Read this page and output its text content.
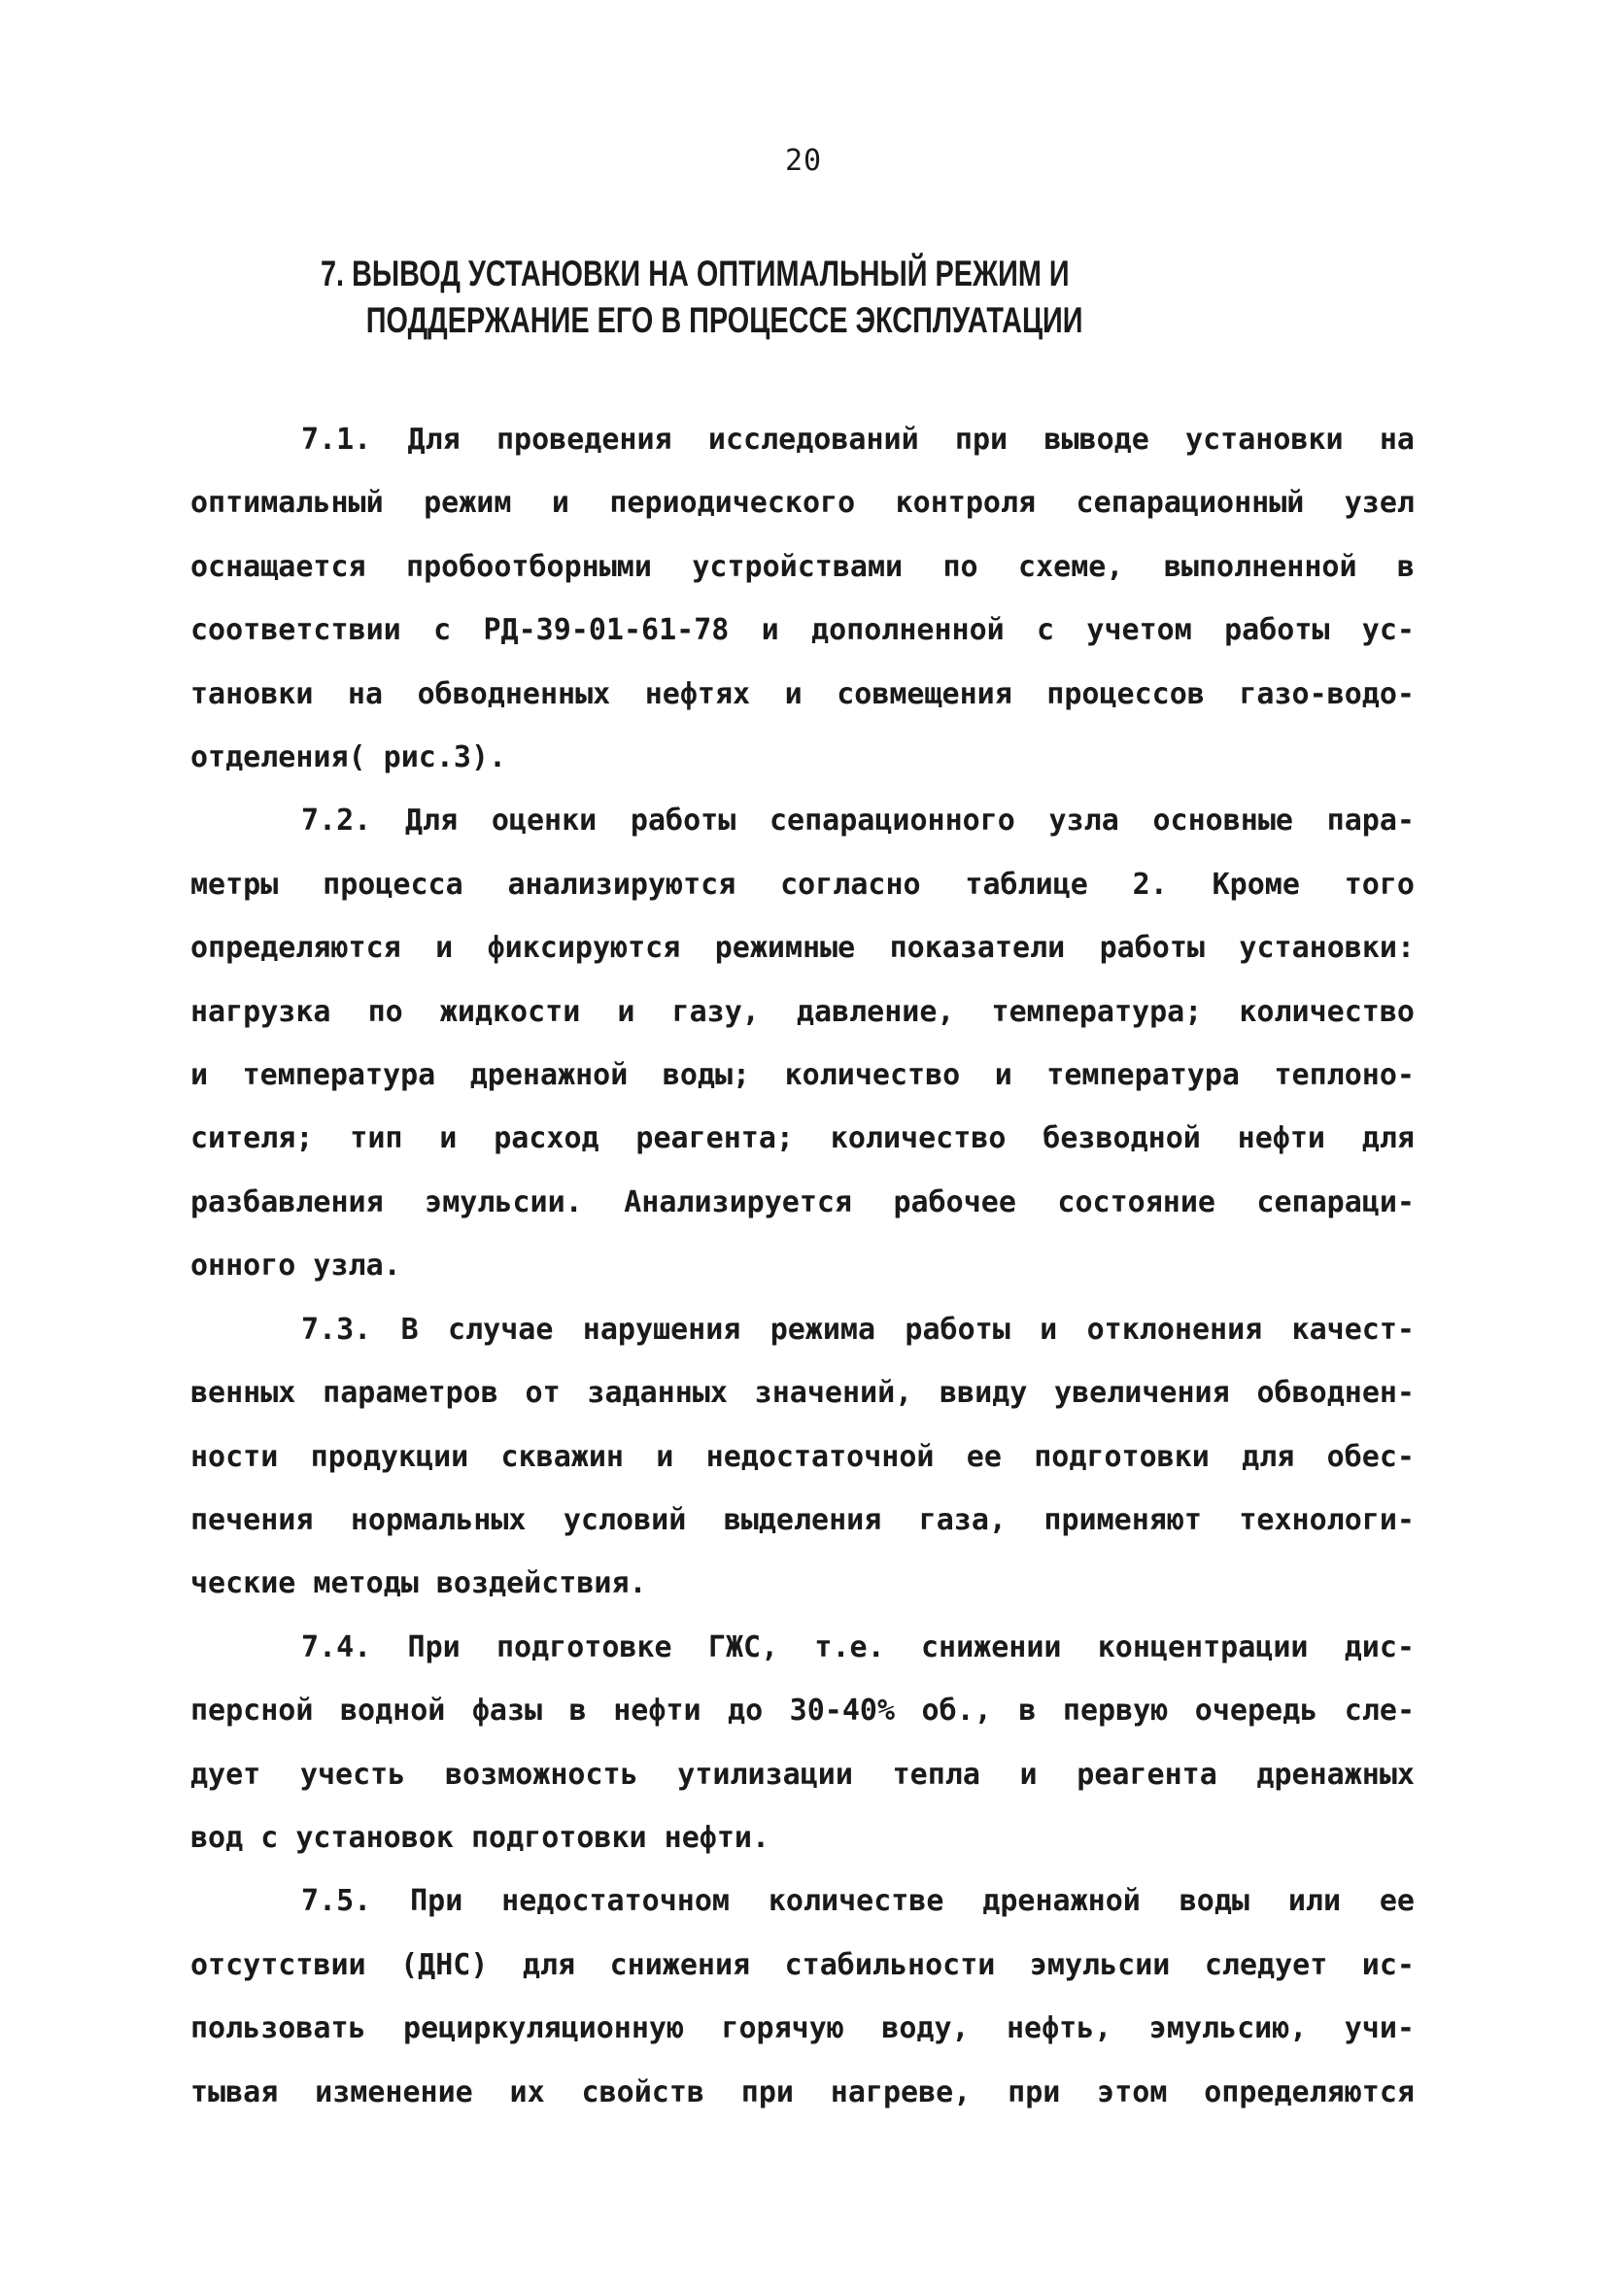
20
7. ВЫВОД УСТАНОВКИ НА ОПТИМАЛЬНЫЙ РЕЖИМ И
ПОДДЕРЖАНИЕ ЕГО В ПРОЦЕССЕ ЭКСПЛУАТАЦИИ
7.1. Для проведения исследований при выводе установки на
оптимальный режим и периодического контроля сепарационный узел
оснащается пробоотборными устройствами по схеме, выполненной в
соответствии с РД-39-01-61-78 и дополненной с учетом работы ус-
тановки на обводненных нефтях и совмещения процессов газо-водо-
отделения( рис.3).
7.2. Для оценки работы сепарационного узла основные пара-
метры процесса анализируются согласно таблице 2. Кроме того
определяются и фиксируются режимные показатели работы установки:
нагрузка по жидкости и газу, давление, температура; количество
и температура дренажной воды; количество и температура теплоно-
сителя; тип и расход реагента; количество безводной нефти для
разбавления эмульсии. Анализируется рабочее состояние сепараци-
онного узла.
7.3. В случае нарушения режима работы и отклонения качест-
венных параметров от заданных значений, ввиду увеличения обводнен-
ности продукции скважин и недостаточной ее подготовки для обес-
печения нормальных условий выделения газа, применяют технологи-
ческие методы воздействия.
7.4. При подготовке ГЖС, т.е. снижении концентрации дис-
персной водной фазы в нефти до 30-40% об., в первую очередь сле-
дует учесть возможность утилизации тепла и реагента дренажных
вод с установок подготовки нефти.
7.5. При недостаточном количестве дренажной воды или ее
отсутствии (ДНС) для снижения стабильности эмульсии следует ис-
пользовать рециркуляционную горячую воду, нефть, эмульсию, учи-
тывая изменение их свойств при нагреве, при этом определяются
